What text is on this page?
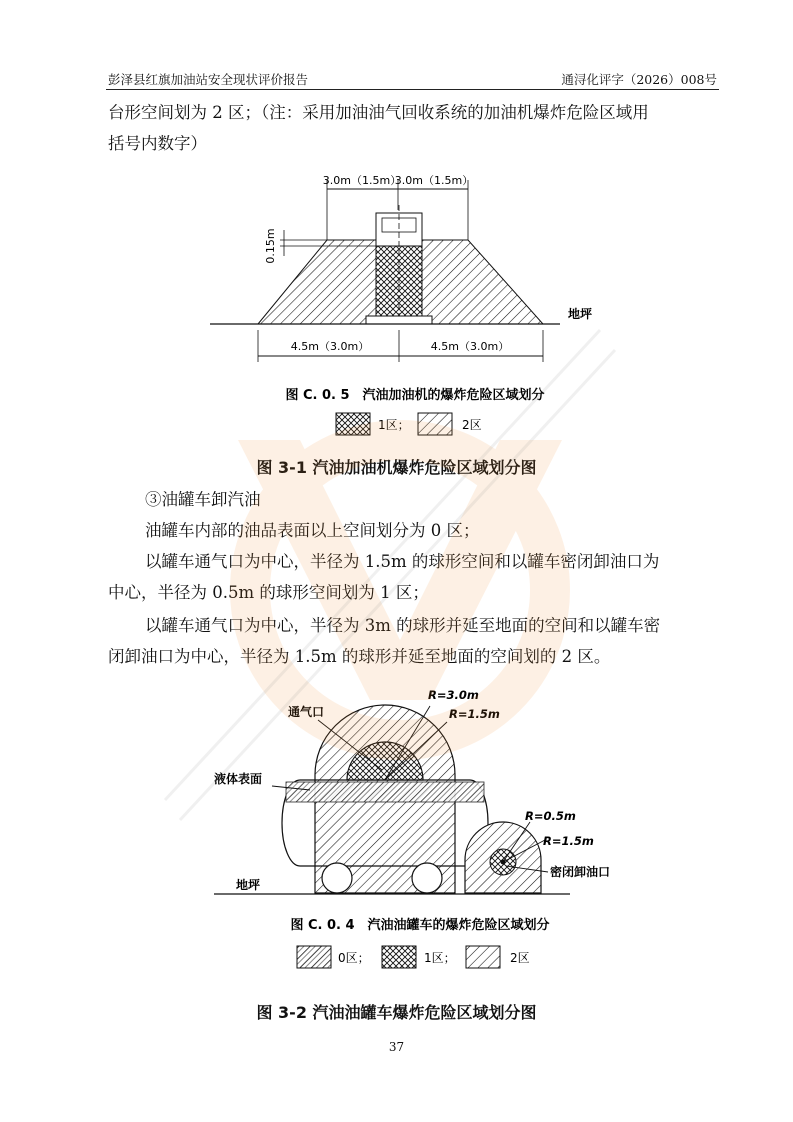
彭泽县红旗加油站安全现状评价报告	通浔化评字（2026）008号
台形空间划为 2 区；（注：采用加油油气回收系统的加油机爆炸危险区域用
括号内数字）
3.0m（1.5m）
3.0m（1.5m）
0.15m
地坪
4.5m（3.0m）	4.5m（3.0m）
图 C. 0. 5　汽油加油机的爆炸危险区域划分
1区；	2区
R=3.0m
R=1.5m
通气口
液体表面
R=0.5m
R=1.5m
密闭卸油口
地坪
图 C. 0. 4　汽油油罐车的爆炸危险区域划分
0区；	1区；	2区
图 3-1 汽油加油机爆炸危险区域划分图
③油罐车卸汽油
油罐车内部的油品表面以上空间划分为 0 区；
以罐车通气口为中心，半径为 1.5m 的球形空间和以罐车密闭卸油口为
中心，半径为 0.5m 的球形空间划为 1 区；
以罐车通气口为中心，半径为 3m 的球形并延至地面的空间和以罐车密
闭卸油口为中心，半径为 1.5m 的球形并延至地面的空间划的 2 区。
图 3-2 汽油油罐车爆炸危险区域划分图
37
